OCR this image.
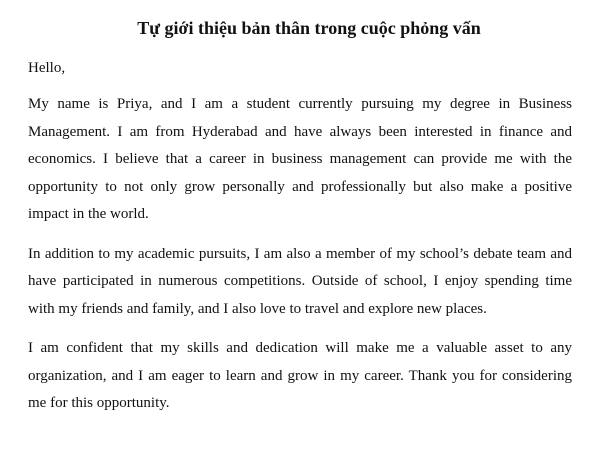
Tự giới thiệu bản thân trong cuộc phỏng vấn

Hello,

My name is Priya, and I am a student currently pursuing my degree in Business Management. I am from Hyderabad and have always been interested in finance and economics. I believe that a career in business management can provide me with the opportunity to not only grow personally and professionally but also make a positive impact in the world.

In addition to my academic pursuits, I am also a member of my school’s debate team and have participated in numerous competitions. Outside of school, I enjoy spending time with my friends and family, and I also love to travel and explore new places.

I am confident that my skills and dedication will make me a valuable asset to any organization, and I am eager to learn and grow in my career. Thank you for considering me for this opportunity.
